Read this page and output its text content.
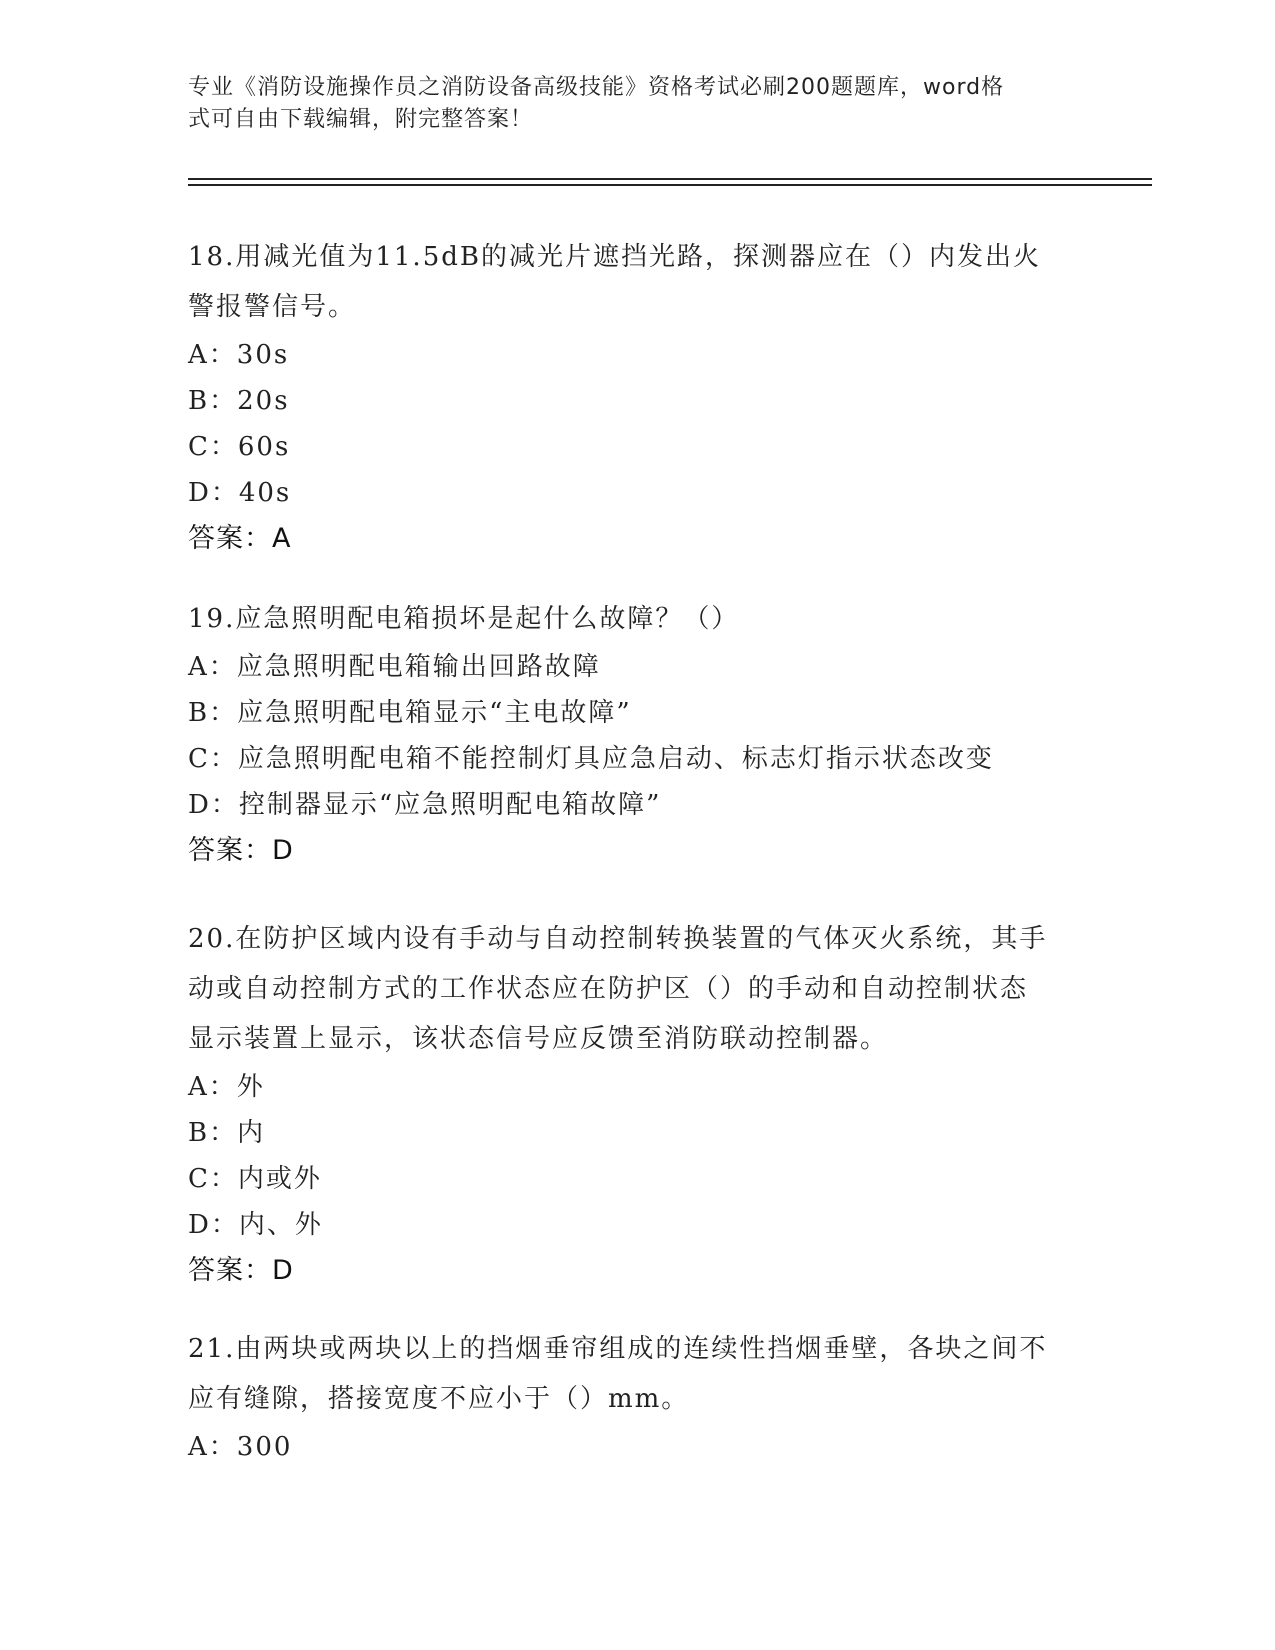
专业《消防设施操作员之消防设备高级技能》资格考试必刷200题题库，word格
式可自由下载编辑，附完整答案！

18.用减光值为11.5dB的减光片遮挡光路，探测器应在（）内发出火

警报警信号。

A：30s

B：20s

C：60s

D：40s

答案：A

19.应急照明配电箱损坏是起什么故障？（）

A：应急照明配电箱输出回路故障

B：应急照明配电箱显示“主电故障”

C：应急照明配电箱不能控制灯具应急启动、标志灯指示状态改变

D：控制器显示“应急照明配电箱故障”

答案：D

20.在防护区域内设有手动与自动控制转换装置的气体灭火系统，其手

动或自动控制方式的工作状态应在防护区（）的手动和自动控制状态

显示装置上显示，该状态信号应反馈至消防联动控制器。

A：外

B：内

C：内或外

D：内、外

答案：D

21.由两块或两块以上的挡烟垂帘组成的连续性挡烟垂壁，各块之间不

应有缝隙，搭接宽度不应小于（）mm。

A：300
